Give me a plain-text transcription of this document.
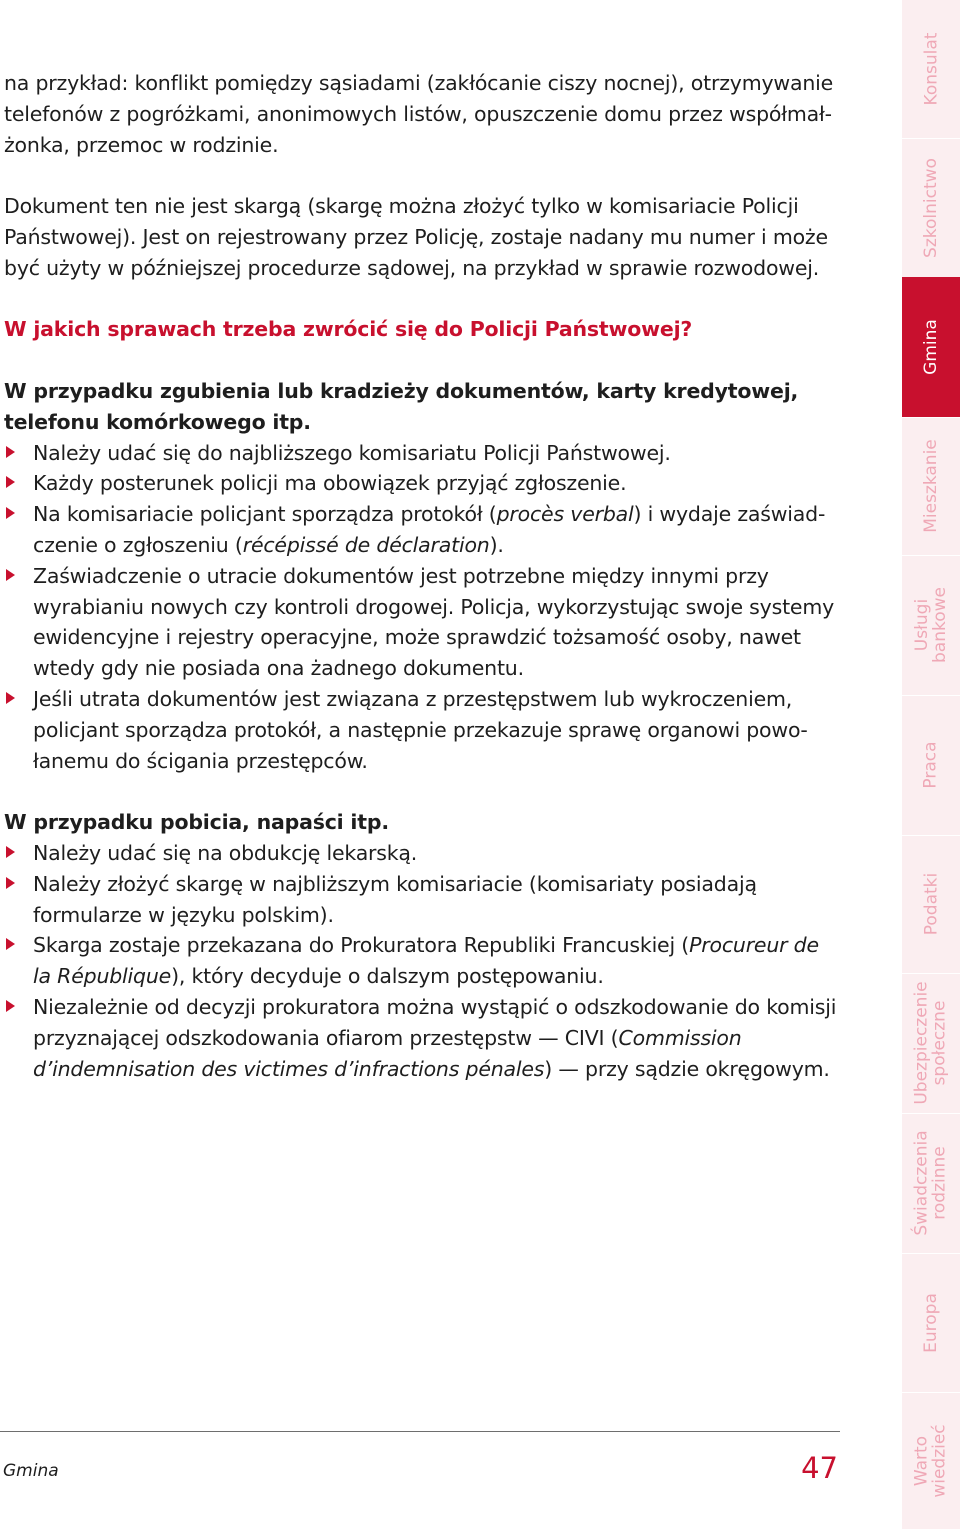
na przykład: konflikt pomiędzy sąsiadami (zakłócanie ciszy nocnej), otrzymywanie telefonów z pogróżkami, anonimowych listów, opuszczenie domu przez współmałżonka, przemoc w rodzinie.

Dokument ten nie jest skargą (skargę można złożyć tylko w komisariacie Policji Państwowej). Jest on rejestrowany przez Policję, zostaje nadany mu numer i może być użyty w późniejszej procedurze sądowej, na przykład w sprawie rozwodowej.

W jakich sprawach trzeba zwrócić się do Policji Państwowej?

W przypadku zgubienia lub kradzieży dokumentów, karty kredytowej, telefonu komórkowego itp.

Należy udać się do najbliższego komisariatu Policji Państwowej.
Każdy posterunek policji ma obowiązek przyjąć zgłoszenie.
Na komisariacie policjant sporządza protokół (procès verbal) i wydaje zaświadczenie o zgłoszeniu (récépissé de déclaration).
Zaświadczenie o utracie dokumentów jest potrzebne między innymi przy wyrabianiu nowych czy kontroli drogowej. Policja, wykorzystując swoje systemy ewidencyjne i rejestry operacyjne, może sprawdzić tożsamość osoby, nawet wtedy gdy nie posiada ona żadnego dokumentu.
Jeśli utrata dokumentów jest związana z przestępstwem lub wykroczeniem, policjant sporządza protokół, a następnie przekazuje sprawę organowi powołanemu do ścigania przestępców.

W przypadku pobicia, napaści itp.

Należy udać się na obdukcję lekarską.
Należy złożyć skargę w najbliższym komisariacie (komisariaty posiadają formularze w języku polskim).
Skarga zostaje przekazana do Prokuratora Republiki Francuskiej (Procureur de la République), który decyduje o dalszym postępowaniu.
Niezależnie od decyzji prokuratora można wystąpić o odszkodowanie do komisji przyznającej odszkodowania ofiarom przestępstw — CIVI (Commission d’indemnisation des victimes d’infractions pénales) — przy sądzie okręgowym.
Konsulat
Szkolnictwo
Gmina
Mieszkanie
Usługi
bankowe
Praca
Podatki
Ubezpieczenie
społeczne
Świadczenia
rodzinne
Europa
Warto
wiedzieć
Gmina	47
